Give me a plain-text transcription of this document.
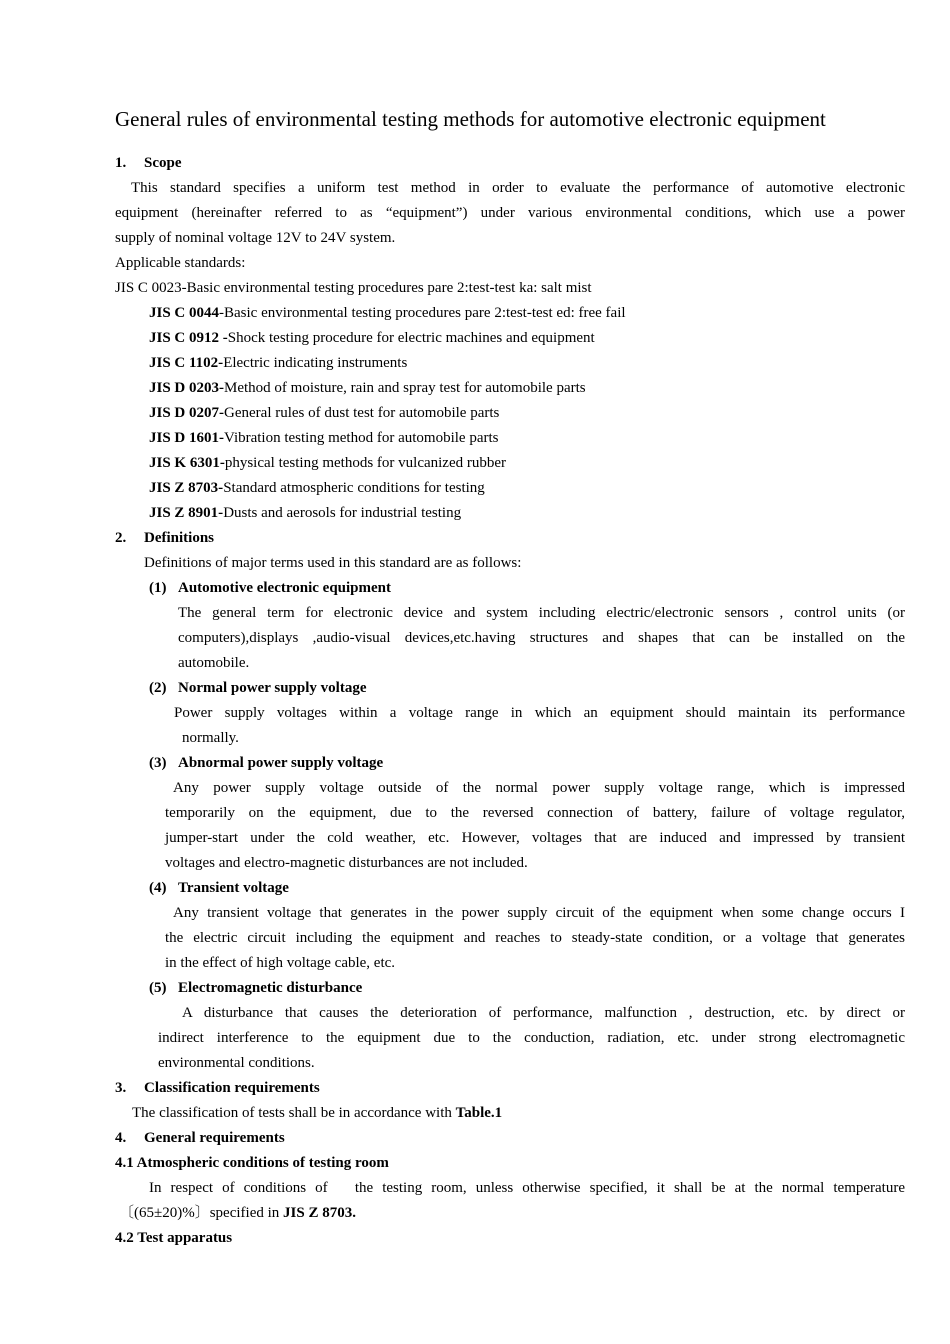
General rules of environmental testing methods for automotive electronic equipment
1. Scope
This standard specifies a uniform test method in order to evaluate the performance of automotive electronic
equipment (hereinafter referred to as “equipment”) under various environmental conditions, which use a power
supply of nominal voltage 12V to 24V system.
Applicable standards:
JIS C 0023-Basic environmental testing procedures pare 2:test-test ka: salt mist
JIS C 0044-Basic environmental testing procedures pare 2:test-test ed: free fail
JIS C 0912 -Shock testing procedure for electric machines and equipment
JIS C 1102-Electric indicating instruments
JIS D 0203-Method of moisture, rain and spray test for automobile parts
JIS D 0207-General rules of dust test for automobile parts
JIS D 1601-Vibration testing method for automobile parts
JIS K 6301-physical testing methods for vulcanized rubber
JIS Z 8703-Standard atmospheric conditions for testing
JIS Z 8901-Dusts and aerosols for industrial testing
2. Definitions
Definitions of major terms used in this standard are as follows:
(1) Automotive electronic equipment
The general term for electronic device and system including electric/electronic sensors , control units (or
computers),displays ,audio-visual devices,etc.having structures and shapes that can be installed on the
automobile.
(2) Normal power supply voltage
Power supply voltages within a voltage range in which an equipment should maintain its performance
normally.
(3) Abnormal power supply voltage
Any power supply voltage outside of the normal power supply voltage range, which is impressed
temporarily on the equipment, due to the reversed connection of battery, failure of voltage regulator,
jumper-start under the cold weather, etc. However, voltages that are induced and impressed by transient
voltages and electro-magnetic disturbances are not included.
(4) Transient voltage
Any transient voltage that generates in the power supply circuit of the equipment when some change occurs I
the electric circuit including the equipment and reaches to steady-state condition, or a voltage that generates
in the effect of high voltage cable, etc.
(5) Electromagnetic disturbance
A disturbance that causes the deterioration of performance, malfunction , destruction, etc. by direct or
indirect interference to the equipment due to the conduction, radiation, etc. under strong electromagnetic
environmental conditions.
3. Classification requirements
The classification of tests shall be in accordance with Table.1
4. General requirements
4.1 Atmospheric conditions of testing room
In respect of conditions of   the testing room, unless otherwise specified, it shall be at the normal temperature
〔(65±20)%〕specified in JIS Z 8703.
4.2 Test apparatus
